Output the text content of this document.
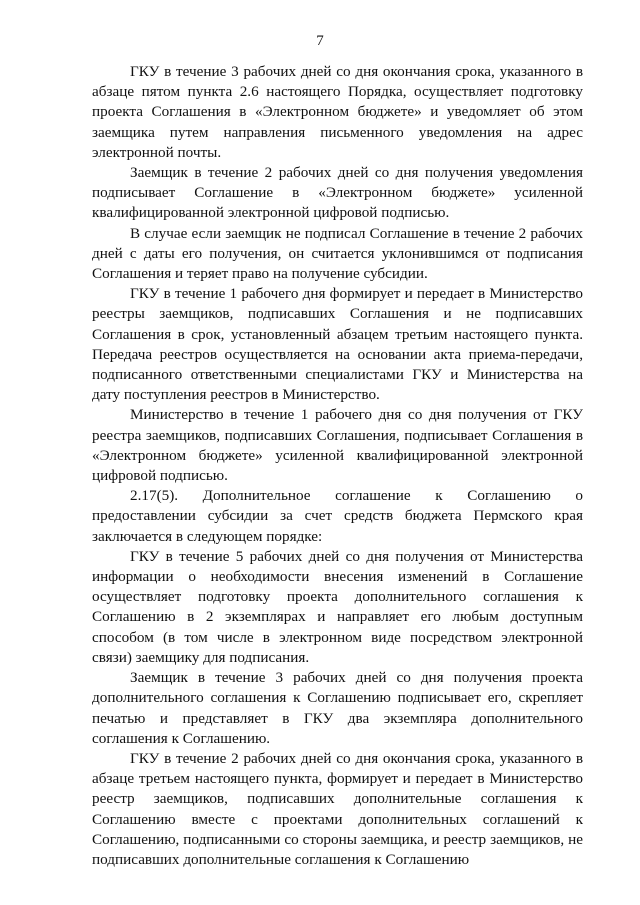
7

ГКУ в течение 3 рабочих дней со дня окончания срока, указанного в абзаце пятом пункта 2.6 настоящего Порядка, осуществляет подготовку проекта Соглашения в «Электронном бюджете» и уведомляет об этом заемщика путем направления письменного уведомления на адрес электронной почты.

Заемщик в течение 2 рабочих дней со дня получения уведомления подписывает Соглашение в «Электронном бюджете» усиленной квалифицированной электронной цифровой подписью.

В случае если заемщик не подписал Соглашение в течение 2 рабочих дней с даты его получения, он считается уклонившимся от подписания Соглашения и теряет право на получение субсидии.

ГКУ в течение 1 рабочего дня формирует и передает в Министерство реестры заемщиков, подписавших Соглашения и не подписавших Соглашения в срок, установленный абзацем третьим настоящего пункта. Передача реестров осуществляется на основании акта приема-передачи, подписанного ответственными специалистами ГКУ и Министерства на дату поступления реестров в Министерство.

Министерство в течение 1 рабочего дня со дня получения от ГКУ реестра заемщиков, подписавших Соглашения, подписывает Соглашения в «Электронном бюджете» усиленной квалифицированной электронной цифровой подписью.

2.17(5). Дополнительное соглашение к Соглашению о предоставлении субсидии за счет средств бюджета Пермского края заключается в следующем порядке:

ГКУ в течение 5 рабочих дней со дня получения от Министерства информации о необходимости внесения изменений в Соглашение осуществляет подготовку проекта дополнительного соглашения к Соглашению в 2 экземплярах и направляет его любым доступным способом (в том числе в электронном виде посредством электронной связи) заемщику для подписания.

Заемщик в течение 3 рабочих дней со дня получения проекта дополнительного соглашения к Соглашению подписывает его, скрепляет печатью и представляет в ГКУ два экземпляра дополнительного соглашения к Соглашению.

ГКУ в течение 2 рабочих дней со дня окончания срока, указанного в абзаце третьем настоящего пункта, формирует и передает в Министерство реестр заемщиков, подписавших дополнительные соглашения к Соглашению вместе с проектами дополнительных соглашений к Соглашению, подписанными со стороны заемщика, и реестр заемщиков, не подписавших дополнительные соглашения к Соглашению
